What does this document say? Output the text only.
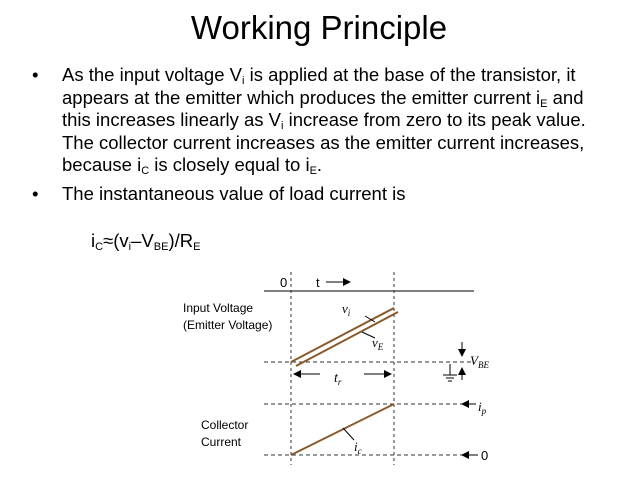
Working Principle
• As the input voltage $V_i$ is applied at the base of the transistor, it appears at the emitter which produces the emitter current $i_E$ and this increases linearly as $V_i$ increase from zero to its peak value. The collector current increases as the emitter current increases, because $i_C$ is closely equal to $i_E$.
• The instantaneous value of load current is
$i_C\approx(v_i-V_{BE})/R_E$
0 t
Input Voltage
(Emitter Voltage)
$v_i$
$v_E$
$V_{BE}$
$t_r$
$i_p$
Collector
Current	$i_c$	0
